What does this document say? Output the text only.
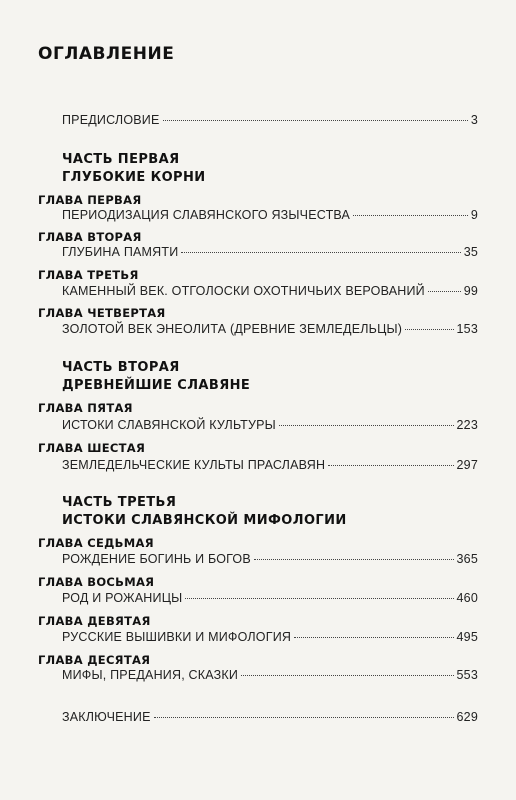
ОГЛАВЛЕНИЕ
ПРЕДИСЛОВИЕ	3
ЧАСТЬ ПЕРВАЯ
ГЛУБОКИЕ КОРНИ
ГЛАВА ПЕРВАЯ
ПЕРИОДИЗАЦИЯ СЛАВЯНСКОГО ЯЗЫЧЕСТВА	9
ГЛАВА ВТОРАЯ
ГЛУБИНА ПАМЯТИ	35
ГЛАВА ТРЕТЬЯ
КАМЕННЫЙ ВЕК. ОТГОЛОСКИ ОХОТНИЧЬИХ ВЕРОВАНИЙ	99
ГЛАВА ЧЕТВЕРТАЯ
ЗОЛОТОЙ ВЕК ЭНЕОЛИТА (ДРЕВНИЕ ЗЕМЛЕДЕЛЬЦЫ)	153
ЧАСТЬ ВТОРАЯ
ДРЕВНЕЙШИЕ СЛАВЯНЕ
ГЛАВА ПЯТАЯ
ИСТОКИ СЛАВЯНСКОЙ КУЛЬТУРЫ	223
ГЛАВА ШЕСТАЯ
ЗЕМЛЕДЕЛЬЧЕСКИЕ КУЛЬТЫ ПРАСЛАВЯН	297
ЧАСТЬ ТРЕТЬЯ
ИСТОКИ СЛАВЯНСКОЙ МИФОЛОГИИ
ГЛАВА СЕДЬМАЯ
РОЖДЕНИЕ БОГИНЬ И БОГОВ	365
ГЛАВА ВОСЬМАЯ
РОД И РОЖАНИЦЫ	460
ГЛАВА ДЕВЯТАЯ
РУССКИЕ ВЫШИВКИ И МИФОЛОГИЯ	495
ГЛАВА ДЕСЯТАЯ
МИФЫ, ПРЕДАНИЯ, СКАЗКИ	553
ЗАКЛЮЧЕНИЕ	629
